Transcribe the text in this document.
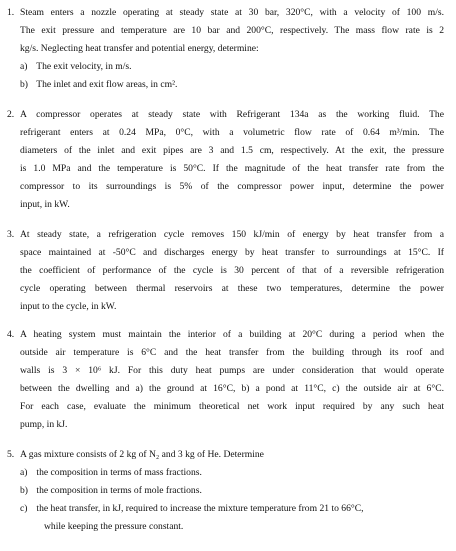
1. Steam enters a nozzle operating at steady state at 30 bar, 320°C, with a velocity of 100 m/s.
The exit pressure and temperature are 10 bar and 200°C, respectively. The mass flow rate is 2
kg/s. Neglecting heat transfer and potential energy, determine:
a) The exit velocity, in m/s.
b) The inlet and exit flow areas, in cm².
2. A compressor operates at steady state with Refrigerant 134a as the working fluid. The
refrigerant enters at 0.24 MPa, 0°C, with a volumetric flow rate of 0.64 m³/min. The
diameters of the inlet and exit pipes are 3 and 1.5 cm, respectively. At the exit, the pressure
is 1.0 MPa and the temperature is 50°C. If the magnitude of the heat transfer rate from the
compressor to its surroundings is 5% of the compressor power input, determine the power
input, in kW.
3. At steady state, a refrigeration cycle removes 150 kJ/min of energy by heat transfer from a
space maintained at -50°C and discharges energy by heat transfer to surroundings at 15°C. If
the coefficient of performance of the cycle is 30 percent of that of a reversible refrigeration
cycle operating between thermal reservoirs at these two temperatures, determine the power
input to the cycle, in kW.
4. A heating system must maintain the interior of a building at 20°C during a period when the
outside air temperature is 6°C and the heat transfer from the building through its roof and
walls is 3 × 10⁶ kJ. For this duty heat pumps are under consideration that would operate
between the dwelling and a) the ground at 16°C, b) a pond at 11°C, c) the outside air at 6°C.
For each case, evaluate the minimum theoretical net work input required by any such heat
pump, in kJ.
5. A gas mixture consists of 2 kg of N₂ and 3 kg of He. Determine
a) the composition in terms of mass fractions.
b) the composition in terms of mole fractions.
c) the heat transfer, in kJ, required to increase the mixture temperature from 21 to 66°C,
while keeping the pressure constant.
